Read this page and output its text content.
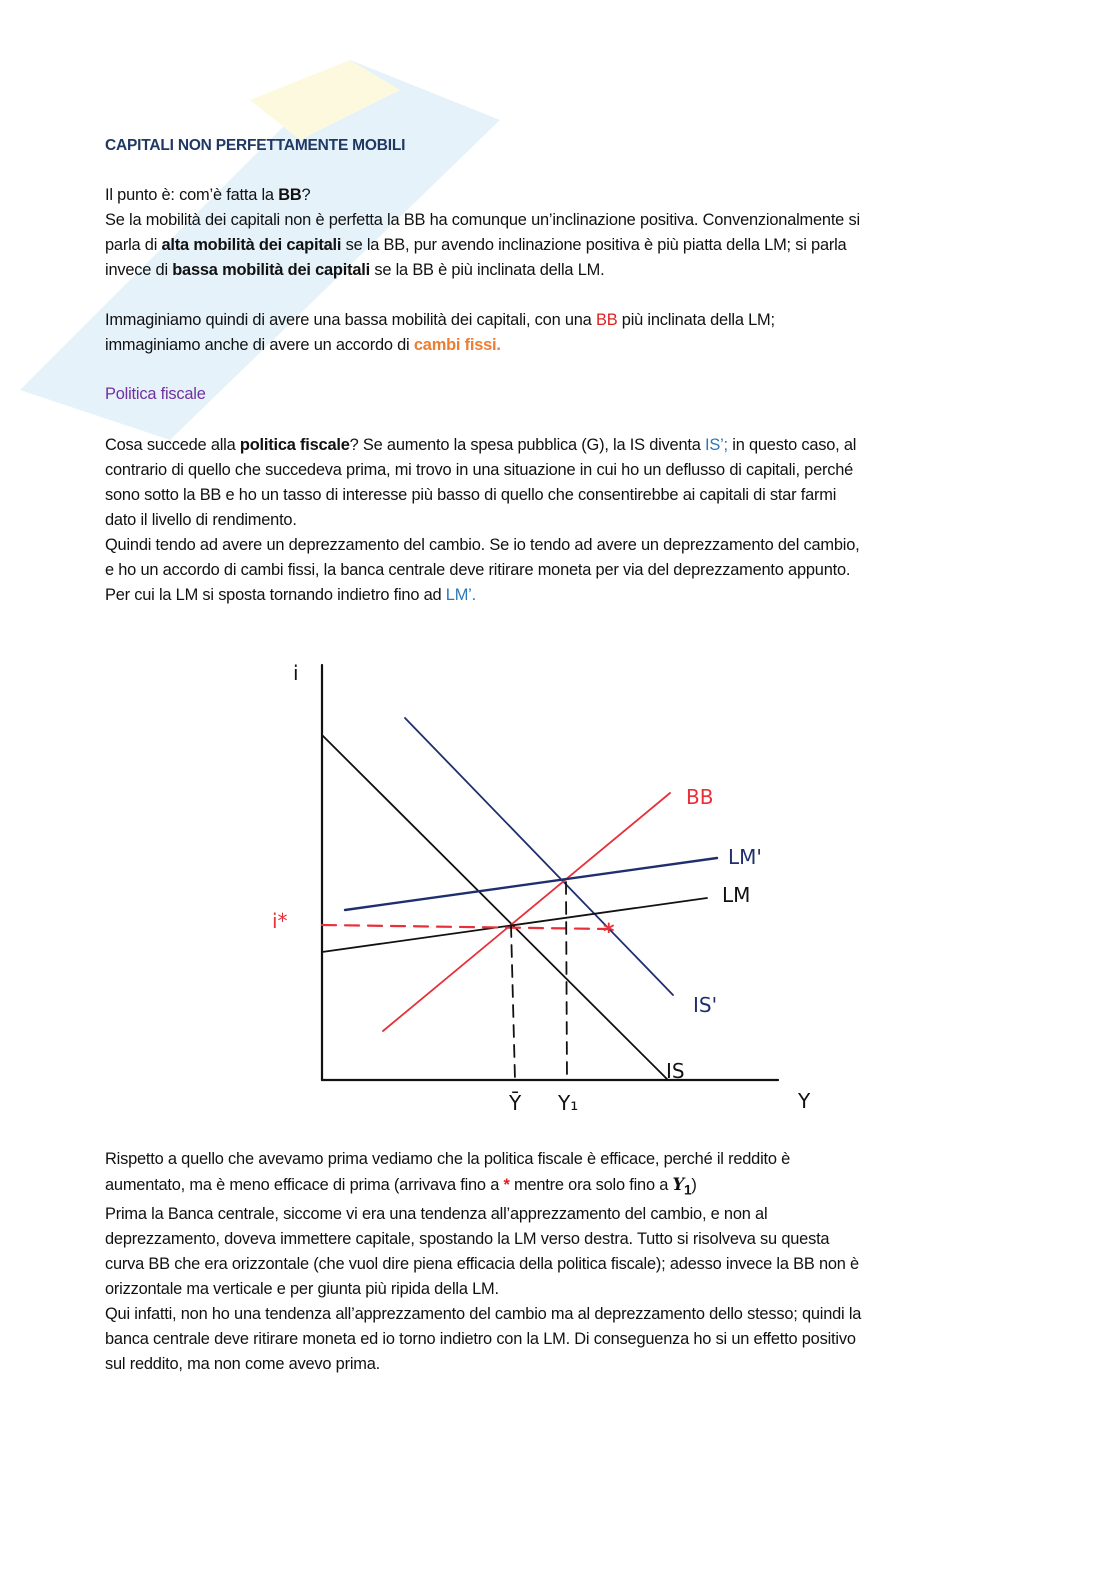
CAPITALI NON PERFETTAMENTE MOBILI
Il punto è: com’è fatta la BB?
Se la mobilità dei capitali non è perfetta la BB ha comunque un’inclinazione positiva. Convenzionalmente si
parla di alta mobilità dei capitali se la BB, pur avendo inclinazione positiva è più piatta della LM; si parla
invece di bassa mobilità dei capitali se la BB è più inclinata della LM.
Immaginiamo quindi di avere una bassa mobilità dei capitali, con una BB più inclinata della LM;
immaginiamo anche di avere un accordo di cambi fissi.
Politica fiscale
Cosa succede alla politica fiscale? Se aumento la spesa pubblica (G), la IS diventa IS’; in questo caso, al
contrario di quello che succedeva prima, mi trovo in una situazione in cui ho un deflusso di capitali, perché
sono sotto la BB e ho un tasso di interesse più basso di quello che consentirebbe ai capitali di star farmi
dato il livello di rendimento.
Quindi tendo ad avere un deprezzamento del cambio. Se io tendo ad avere un deprezzamento del cambio,
e ho un accordo di cambi fissi, la banca centrale deve ritirare moneta per via del deprezzamento appunto.
Per cui la LM si sposta tornando indietro fino ad LM’.
*
i
Y
BB
LM'
LM
IS'
IS
i*
Ȳ Y₁
Rispetto a quello che avevamo prima vediamo che la politica fiscale è efficace, perché il reddito è
aumentato, ma è meno efficace di prima (arrivava fino a * mentre ora solo fino a $Y_1$)
Prima la Banca centrale, siccome vi era una tendenza all’apprezzamento del cambio, e non al
deprezzamento, doveva immettere capitale, spostando la LM verso destra. Tutto si risolveva su questa
curva BB che era orizzontale (che vuol dire piena efficacia della politica fiscale); adesso invece la BB non è
orizzontale ma verticale e per giunta più ripida della LM.
Qui infatti, non ho una tendenza all’apprezzamento del cambio ma al deprezzamento dello stesso; quindi la
banca centrale deve ritirare moneta ed io torno indietro con la LM. Di conseguenza ho si un effetto positivo
sul reddito, ma non come avevo prima.
